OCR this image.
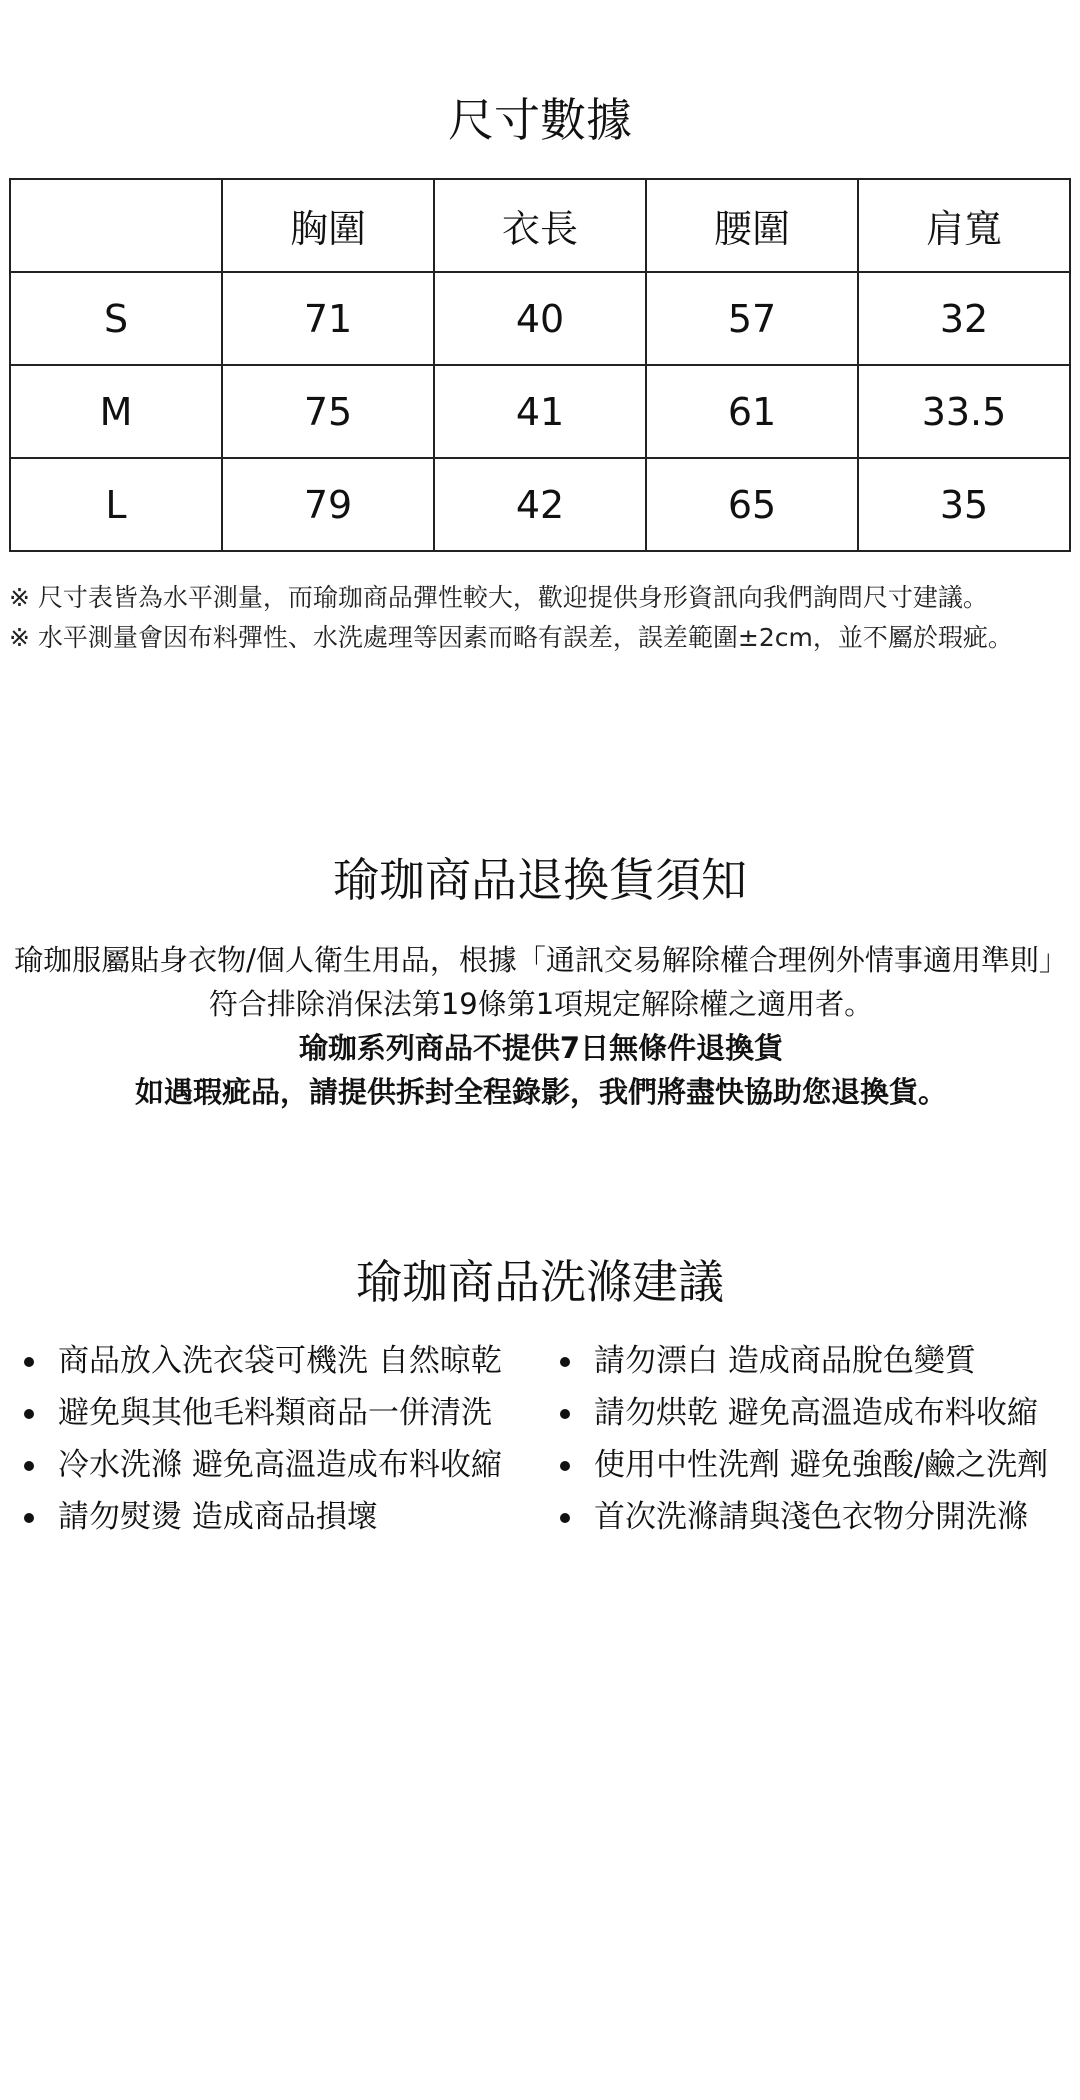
尺寸數據
	胸圍	衣長	腰圍	肩寬
S	71	40	57	32
M	75	41	61	33.5
L	79	42	65	35
※ 尺寸表皆為水平測量，而瑜珈商品彈性較大，歡迎提供身形資訊向我們詢問尺寸建議。
※ 水平測量會因布料彈性、水洗處理等因素而略有誤差，誤差範圍±2cm，並不屬於瑕疵。
瑜珈商品退換貨須知
瑜珈服屬貼身衣物/個人衛生用品，根據「通訊交易解除權合理例外情事適用準則」符合排除消保法第19條第1項規定解除權之適用者。
瑜珈系列商品不提供7日無條件退換貨
如遇瑕疵品，請提供拆封全程錄影，我們將盡快協助您退換貨。
瑜珈商品洗滌建議
商品放入洗衣袋可機洗 自然晾乾
避免與其他毛料類商品一併清洗
冷水洗滌 避免高溫造成布料收縮
請勿熨燙 造成商品損壞
請勿漂白 造成商品脫色變質
請勿烘乾 避免高溫造成布料收縮
使用中性洗劑 避免強酸/鹼之洗劑
首次洗滌請與淺色衣物分開洗滌
